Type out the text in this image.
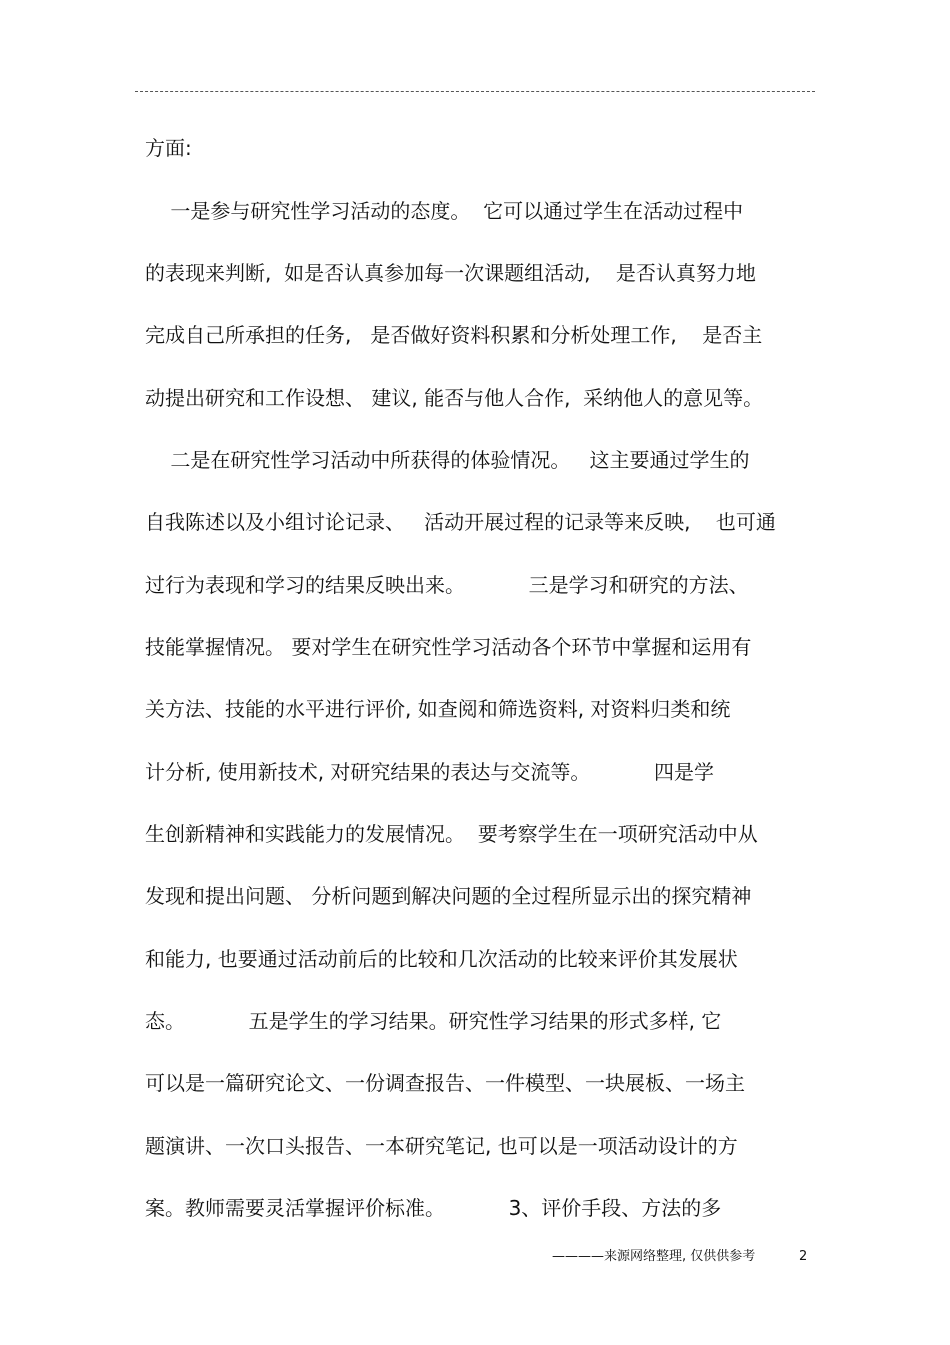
方面:
一是参与研究性学习活动的态度。  它可以通过学生在活动过程中
的表现来判断,  如是否认真参加每一次课题组活动,    是否认真努力地
完成自己所承担的任务,   是否做好资料积累和分析处理工作,    是否主
动提出研究和工作设想、 建议, 能否与他人合作,  采纳他人的意见等。
二是在研究性学习活动中所获得的体验情况。   这主要通过学生的
自我陈述以及小组讨论记录、   活动开展过程的记录等来反映,    也可通
过行为表现和学习的结果反映出来。          三是学习和研究的方法、
技能掌握情况。 要对学生在研究性学习活动各个环节中掌握和运用有
关方法、技能的水平进行评价, 如查阅和筛选资料, 对资料归类和统
计分析, 使用新技术, 对研究结果的表达与交流等。          四是学
生创新精神和实践能力的发展情况。  要考察学生在一项研究活动中从
发现和提出问题、 分析问题到解决问题的全过程所显示出的探究精神
和能力, 也要通过活动前后的比较和几次活动的比较来评价其发展状
态。          五是学生的学习结果。研究性学习结果的形式多样, 它
可以是一篇研究论文、一份调查报告、一件模型、一块展板、一场主
题演讲、一次口头报告、一本研究笔记, 也可以是一项活动设计的方
案。教师需要灵活掌握评价标准。          3、评价手段、方法的多
————来源网络整理, 仅供供参考	2
